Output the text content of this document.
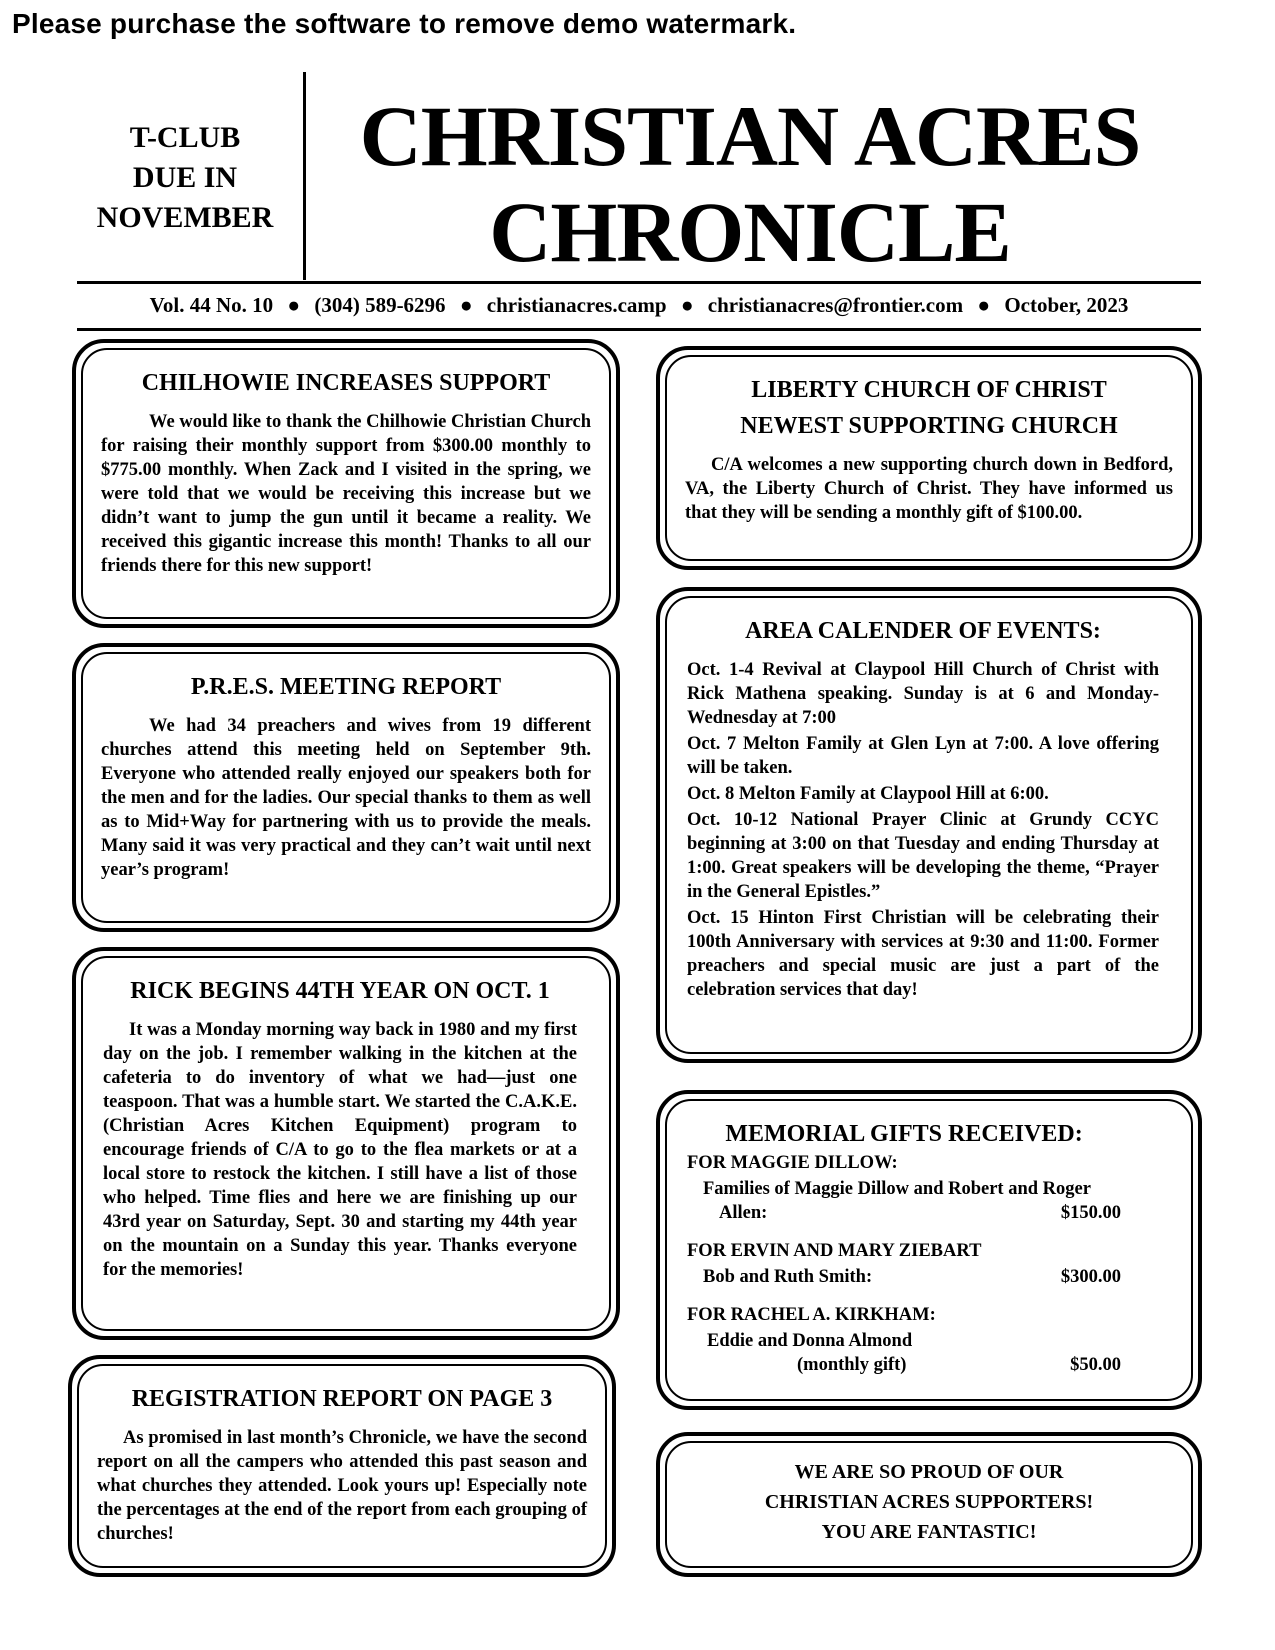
Please purchase the software to remove demo watermark.
T-CLUB
DUE IN
NOVEMBER
CHRISTIAN ACRES
CHRONICLE
Vol. 44 No. 10 ● (304) 589-6296 ● christianacres.camp ● christianacres@frontier.com ● October, 2023
CHILHOWIE INCREASES SUPPORT

We would like to thank the Chilhowie Christian Church for raising their monthly support from $300.00 monthly to $775.00 monthly. When Zack and I visited in the spring, we were told that we would be receiving this increase but we didn’t want to jump the gun until it became a reality. We received this gigantic increase this month! Thanks to all our friends there for this new support!

P.R.E.S. MEETING REPORT

We had 34 preachers and wives from 19 different churches attend this meeting held on September 9th. Everyone who attended really enjoyed our speakers both for the men and for the ladies. Our special thanks to them as well as to Mid+Way for partnering with us to provide the meals. Many said it was very practical and they can’t wait until next year’s program!

RICK BEGINS 44TH YEAR ON OCT. 1

It was a Monday morning way back in 1980 and my first day on the job. I remember walking in the kitchen at the cafeteria to do inventory of what we had—just one teaspoon. That was a humble start. We started the C.A.K.E. (Christian Acres Kitchen Equipment) program to encourage friends of C/A to go to the flea markets or at a local store to restock the kitchen. I still have a list of those who helped. Time flies and here we are finishing up our 43rd year on Saturday, Sept. 30 and starting my 44th year on the mountain on a Sunday this year. Thanks everyone for the memories!

REGISTRATION REPORT ON PAGE 3

As promised in last month’s Chronicle, we have the second report on all the campers who attended this past season and what churches they attended. Look yours up! Especially note the percentages at the end of the report from each grouping of churches!

LIBERTY CHURCH OF CHRIST
NEWEST SUPPORTING CHURCH

C/A welcomes a new supporting church down in Bedford, VA, the Liberty Church of Christ. They have informed us that they will be sending a monthly gift of $100.00.

AREA CALENDER OF EVENTS:

Oct. 1-4 Revival at Claypool Hill Church of Christ with Rick Mathena speaking. Sunday is at 6 and Monday-Wednesday at 7:00

Oct. 7 Melton Family at Glen Lyn at 7:00. A love offering will be taken.

Oct. 8 Melton Family at Claypool Hill at 6:00.

Oct. 10-12 National Prayer Clinic at Grundy CCYC beginning at 3:00 on that Tuesday and ending Thursday at 1:00. Great speakers will be developing the theme, “Prayer in the General Epistles.”

Oct. 15 Hinton First Christian will be celebrating their 100th Anniversary with services at 9:30 and 11:00. Former preachers and special music are just a part of the celebration services that day!

MEMORIAL GIFTS RECEIVED:
FOR MAGGIE DILLOW:
Families of Maggie Dillow and Robert and Roger
Allen:	$150.00
FOR ERVIN AND MARY ZIEBART
Bob and Ruth Smith:	$300.00
FOR RACHEL A. KIRKHAM:
Eddie and Donna Almond
(monthly gift)	$50.00
WE ARE SO PROUD OF OUR
CHRISTIAN ACRES SUPPORTERS!
YOU ARE FANTASTIC!
